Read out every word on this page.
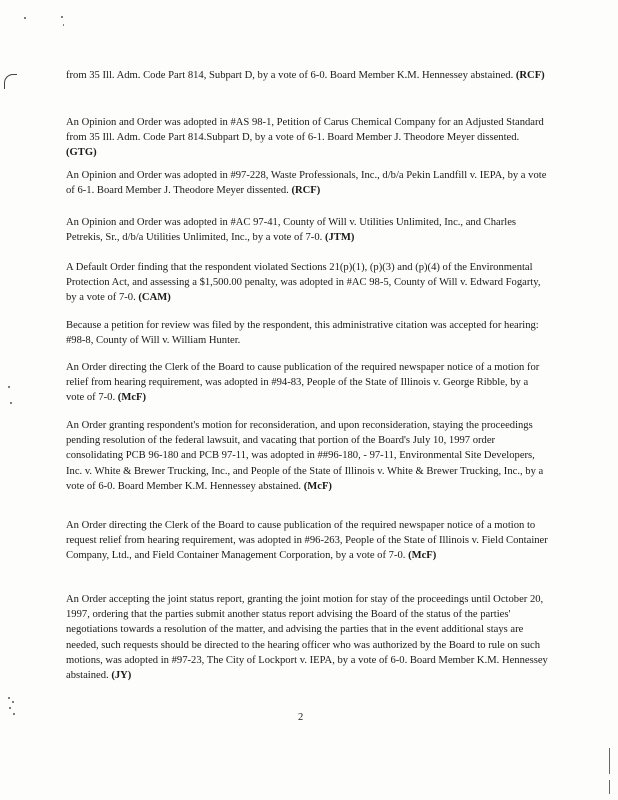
from 35 Ill. Adm. Code Part 814, Subpart D, by a vote of 6-0. Board Member K.M. Hennessey abstained. (RCF)

An Opinion and Order was adopted in #AS 98-1, Petition of Carus Chemical Company for an Adjusted Standard from 35 Ill. Adm. Code Part 814.Subpart D, by a vote of 6-1. Board Member J. Theodore Meyer dissented. (GTG)

An Opinion and Order was adopted in #97-228, Waste Professionals, Inc., d/b/a Pekin Landfill v. IEPA, by a vote of 6-1. Board Member J. Theodore Meyer dissented. (RCF)

An Opinion and Order was adopted in #AC 97-41, County of Will v. Utilities Unlimited, Inc., and Charles Petrekis, Sr., d/b/a Utilities Unlimited, Inc., by a vote of 7-0. (JTM)

A Default Order finding that the respondent violated Sections 21(p)(1), (p)(3) and (p)(4) of the Environmental Protection Act, and assessing a $1,500.00 penalty, was adopted in #AC 98-5, County of Will v. Edward Fogarty, by a vote of 7-0. (CAM)

Because a petition for review was filed by the respondent, this administrative citation was accepted for hearing: #98-8, County of Will v. William Hunter.

An Order directing the Clerk of the Board to cause publication of the required newspaper notice of a motion for relief from hearing requirement, was adopted in #94-83, People of the State of Illinois v. George Ribble, by a vote of 7-0. (McF)

An Order granting respondent's motion for reconsideration, and upon reconsideration, staying the proceedings pending resolution of the federal lawsuit, and vacating that portion of the Board's July 10, 1997 order consolidating PCB 96-180 and PCB 97-11, was adopted in ##96-180, - 97-11, Environmental Site Developers, Inc. v. White & Brewer Trucking, Inc., and People of the State of Illinois v. White & Brewer Trucking, Inc., by a vote of 6-0. Board Member K.M. Hennessey abstained. (McF)

An Order directing the Clerk of the Board to cause publication of the required newspaper notice of a motion to request relief from hearing requirement, was adopted in #96-263, People of the State of Illinois v. Field Container Company, Ltd., and Field Container Management Corporation, by a vote of 7-0. (McF)

An Order accepting the joint status report, granting the joint motion for stay of the proceedings until October 20, 1997, ordering that the parties submit another status report advising the Board of the status of the parties' negotiations towards a resolution of the matter, and advising the parties that in the event additional stays are needed, such requests should be directed to the hearing officer who was authorized by the Board to rule on such motions, was adopted in #97-23, The City of Lockport v. IEPA, by a vote of 6-0. Board Member K.M. Hennessey abstained. (JY)

2
